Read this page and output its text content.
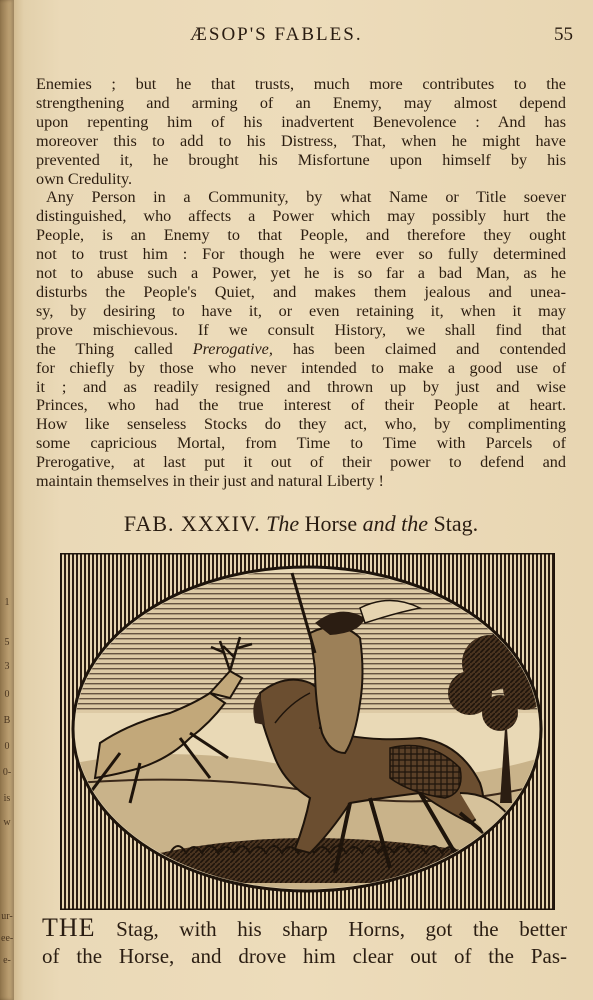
1
5
3
0
B
0
0-
is
w
ur-
ee-
e-
ÆSOP'S FABLES.	55
Enemies ; but he that trusts, much more contributes to the
strengthening and arming of an Enemy, may almost depend
upon repenting him of his inadvertent Benevolence : And has
moreover this to add to his Distress, That, when he might have
prevented it, he brought his Misfortune upon himself by his
own Credulity.
Any Person in a Community, by what Name or Title soever
distinguished, who affects a Power which may possibly hurt the
People, is an Enemy to that People, and therefore they ought
not to trust him : For though he were ever so fully determined
not to abuse such a Power, yet he is so far a bad Man, as he
disturbs the People's Quiet, and makes them jealous and unea-
sy, by desiring to have it, or even retaining it, when it may
prove mischievous. If we consult History, we shall find that
the Thing called Prerogative, has been claimed and contended
for chiefly by those who never intended to make a good use of
it ; and as readily resigned and thrown up by just and wise
Princes, who had the true interest of their People at heart.
How like senseless Stocks do they act, who, by complimenting
some capricious Mortal, from Time to Time with Parcels of
Prerogative, at last put it out of their power to defend and
maintain themselves in their just and natural Liberty !
FAB. XXXIV. The Horse and the Stag.
THE Stag, with his sharp Horns, got the better
of the Horse, and drove him clear out of the Pas-
